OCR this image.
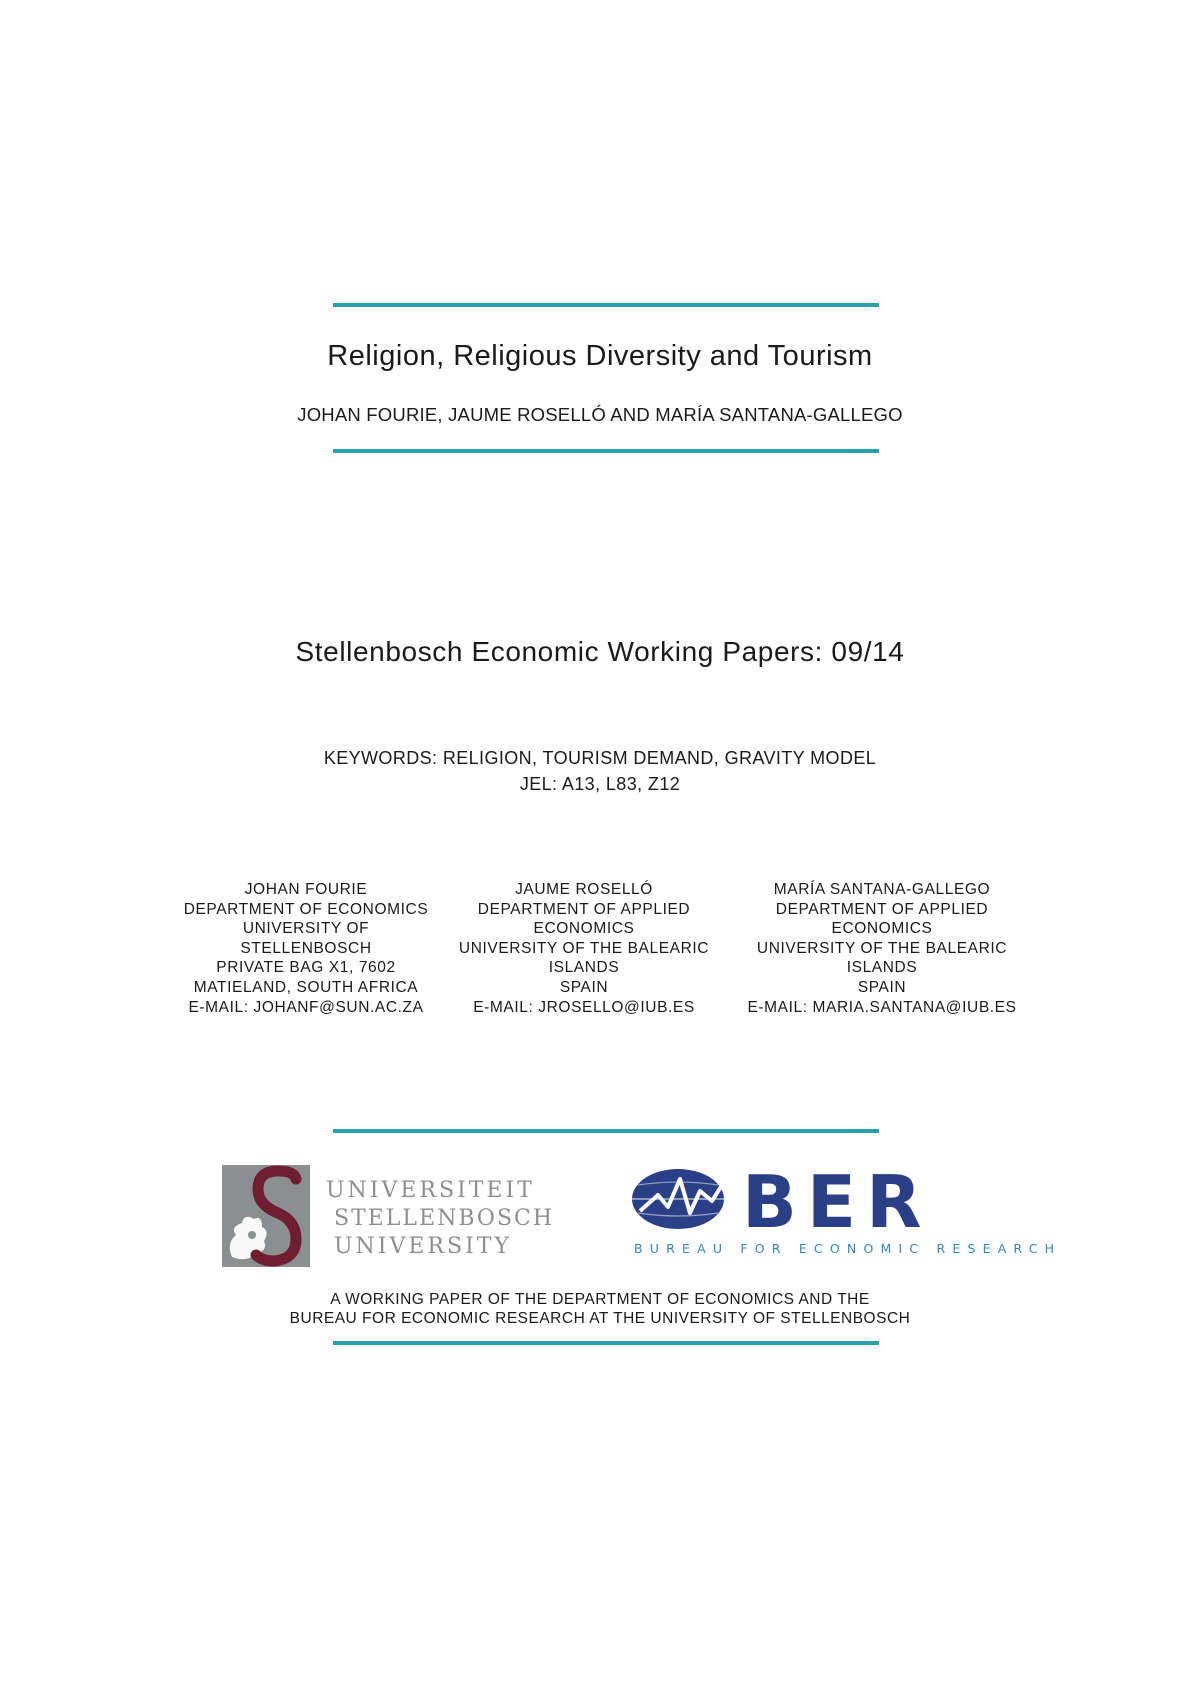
Religion, Religious Diversity and Tourism
JOHAN FOURIE, JAUME ROSELLÓ AND MARÍA SANTANA-GALLEGO
Stellenbosch Economic Working Papers: 09/14
KEYWORDS: RELIGION, TOURISM DEMAND, GRAVITY MODEL
JEL: A13, L83, Z12
JOHAN FOURIE
DEPARTMENT OF ECONOMICS
UNIVERSITY OF
STELLENBOSCH
PRIVATE BAG X1, 7602
MATIELAND, SOUTH AFRICA
E-MAIL: JOHANF@SUN.AC.ZA
JAUME ROSELLÓ
DEPARTMENT OF APPLIED
ECONOMICS
UNIVERSITY OF THE BALEARIC
ISLANDS
SPAIN
E-MAIL: JROSELLO@IUB.ES
MARÍA SANTANA-GALLEGO
DEPARTMENT OF APPLIED
ECONOMICS
UNIVERSITY OF THE BALEARIC
ISLANDS
SPAIN
E-MAIL: MARIA.SANTANA@IUB.ES
UNIVERSITEIT
STELLENBOSCH
UNIVERSITY
BER
BUREAU FOR ECONOMIC RESEARCH
A WORKING PAPER OF THE DEPARTMENT OF ECONOMICS AND THE
BUREAU FOR ECONOMIC RESEARCH AT THE UNIVERSITY OF STELLENBOSCH
